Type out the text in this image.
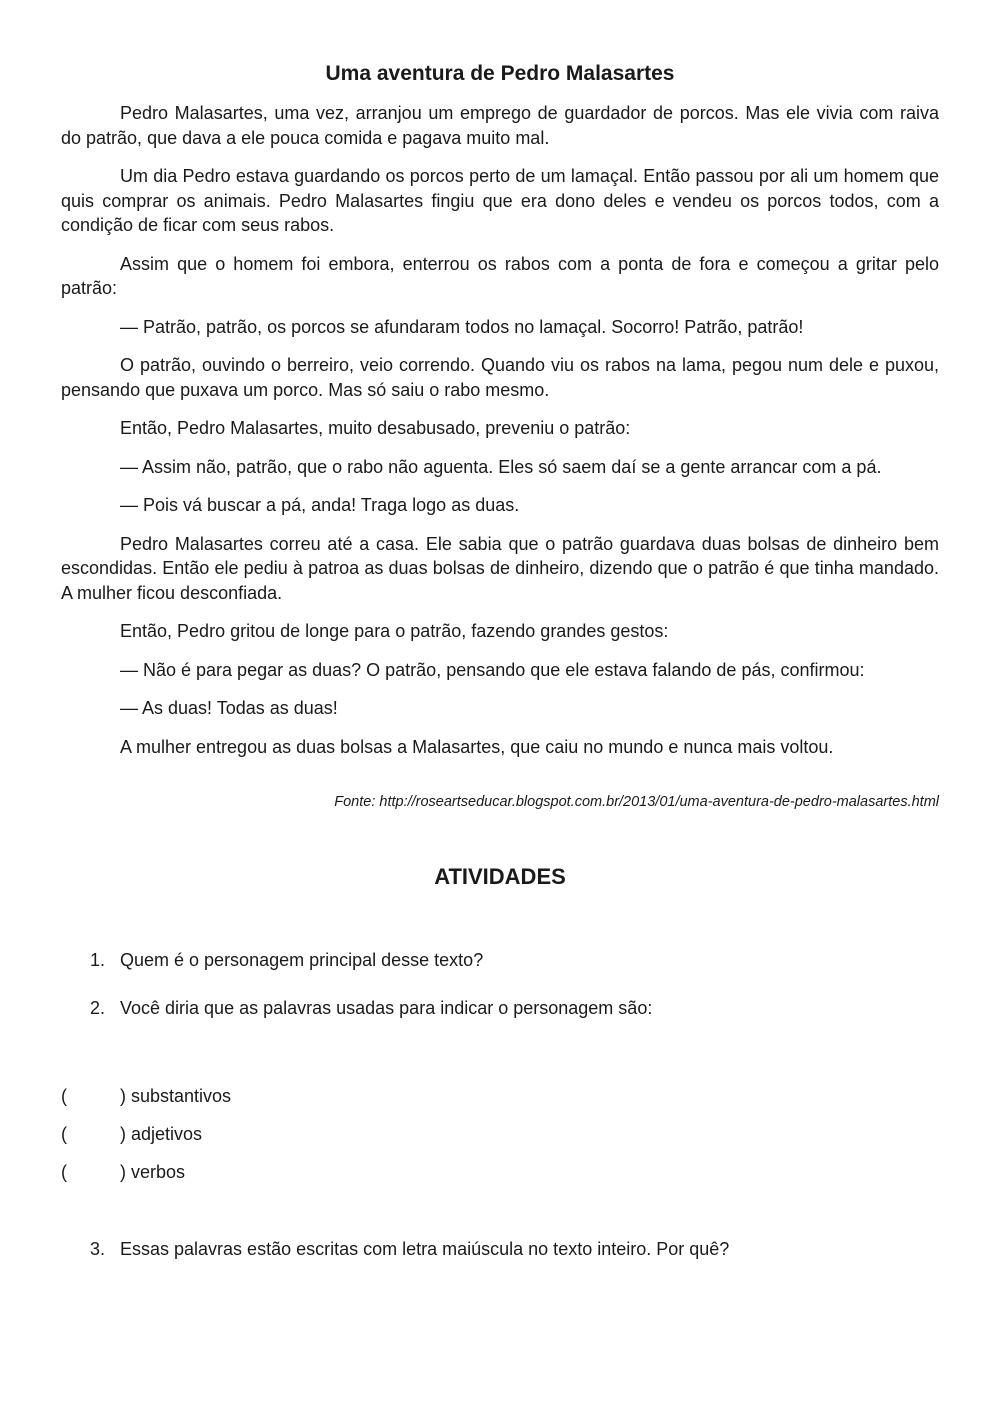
Uma aventura de Pedro Malasartes

Pedro Malasartes, uma vez, arranjou um emprego de guardador de porcos. Mas ele vivia com raiva do patrão, que dava a ele pouca comida e pagava muito mal.

Um dia Pedro estava guardando os porcos perto de um lamaçal. Então passou por ali um homem que quis comprar os animais. Pedro Malasartes fingiu que era dono deles e vendeu os porcos todos, com a condição de ficar com seus rabos.

Assim que o homem foi embora, enterrou os rabos com a ponta de fora e começou a gritar pelo patrão:

— Patrão, patrão, os porcos se afundaram todos no lamaçal. Socorro! Patrão, patrão!

O patrão, ouvindo o berreiro, veio correndo. Quando viu os rabos na lama, pegou num dele e puxou, pensando que puxava um porco. Mas só saiu o rabo mesmo.

Então, Pedro Malasartes, muito desabusado, preveniu o patrão:

— Assim não, patrão, que o rabo não aguenta. Eles só saem daí se a gente arrancar com a pá.

— Pois vá buscar a pá, anda! Traga logo as duas.

Pedro Malasartes correu até a casa. Ele sabia que o patrão guardava duas bolsas de dinheiro bem escondidas. Então ele pediu à patroa as duas bolsas de dinheiro, dizendo que o patrão é que tinha mandado. A mulher ficou desconfiada.

Então, Pedro gritou de longe para o patrão, fazendo grandes gestos:

— Não é para pegar as duas? O patrão, pensando que ele estava falando de pás, confirmou:

— As duas! Todas as duas!

A mulher entregou as duas bolsas a Malasartes, que caiu no mundo e nunca mais voltou.

Fonte: http://roseartseducar.blogspot.com.br/2013/01/uma-aventura-de-pedro-malasartes.html
ATIVIDADES
1. Quem é o personagem principal desse texto?
2. Você diria que as palavras usadas para indicar o personagem são:
(	) substantivos
(	) adjetivos
(	) verbos
3. Essas palavras estão escritas com letra maiúscula no texto inteiro. Por quê?
